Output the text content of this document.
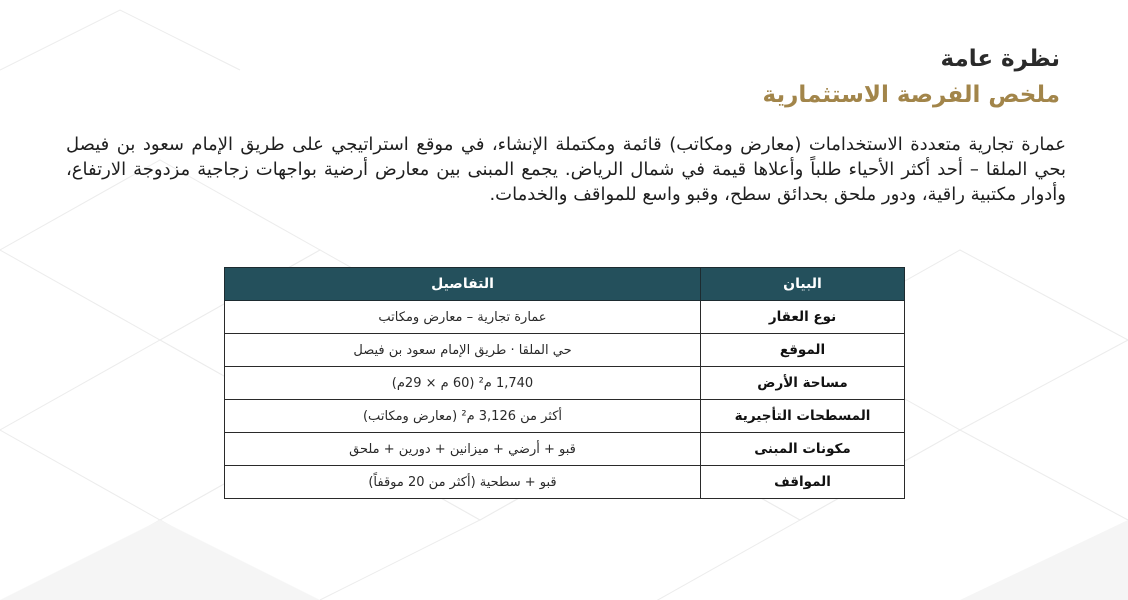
نظرة عامة
ملخص الفرصة الاستثمارية

عمارة تجارية متعددة الاستخدامات (معارض ومكاتب) قائمة ومكتملة الإنشاء، في موقع استراتيجي على طريق الإمام سعود بن فيصل بحي الملقا – أحد أكثر الأحياء طلباً وأعلاها قيمة في شمال الرياض. يجمع المبنى بين معارض أرضية بواجهات زجاجية مزدوجة الارتفاع، وأدوار مكتبية راقية، ودور ملحق بحدائق سطح، وقبو واسع للمواقف والخدمات.

البيان	التفاصيل
نوع العقار	عمارة تجارية – معارض ومكاتب
الموقع	حي الملقا · طريق الإمام سعود بن فيصل
مساحة الأرض	1,740 م² (60 م × 29م)
المسطحات التأجيرية	أكثر من 3,126 م² (معارض ومكاتب)
مكونات المبنى	قبو + أرضي + ميزانين + دورين + ملحق
المواقف	قبو + سطحية (أكثر من 20 موقفاً)
